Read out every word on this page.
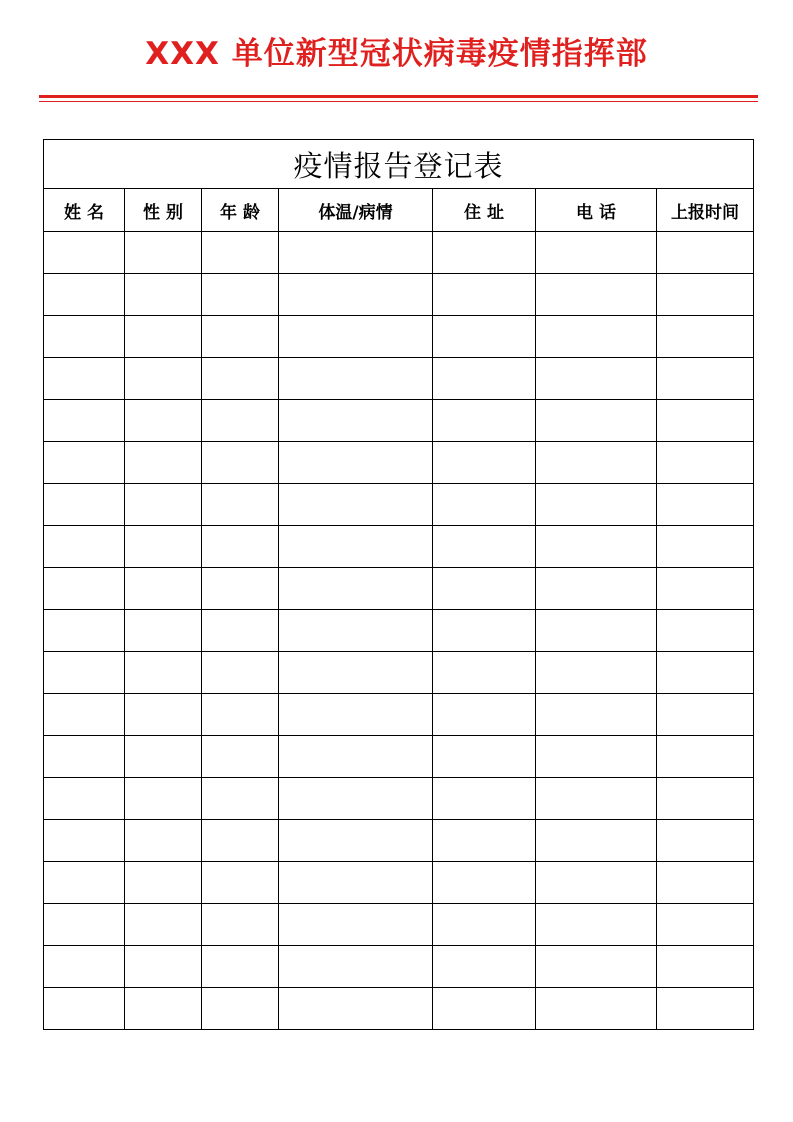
XXX 单位新型冠状病毒疫情指挥部
疫情报告登记表						
姓 名	性 别	年 龄	体温/病情	住 址	电 话	上报时间
